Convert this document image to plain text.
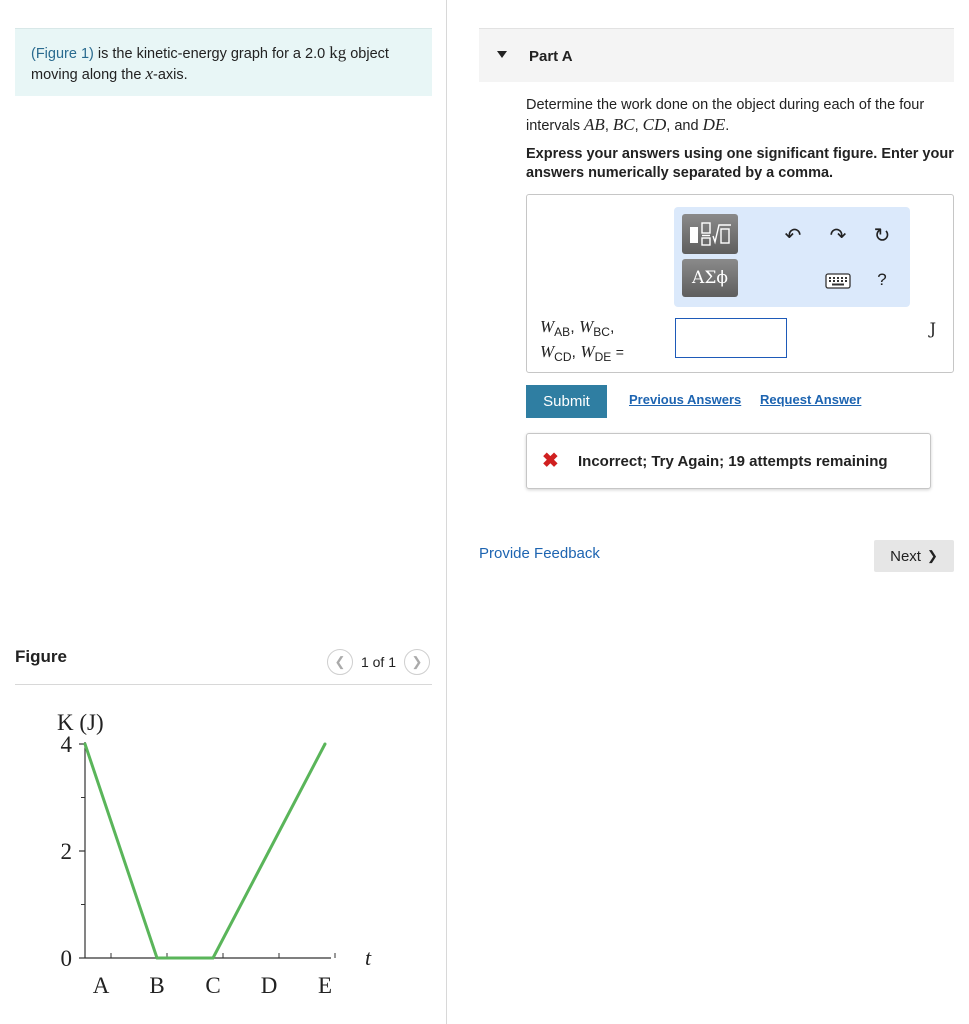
(Figure 1) is the kinetic-energy graph for a 2.0 kg object moving along the x-axis.
Figure	❮	1 of 1	❯
K (J)
t
0
2
4
A B C D E
Part A
Determine the work done on the object during each of the four intervals AB, BC, CD, and DE.
Express your answers using one significant figure. Enter your answers numerically separated by a comma.
ΑΣϕ
↶ ↷ ↻
?
$W_{AB}$, $W_{BC}$,
$W_{CD}$, $W_{DE}$ =
J
Submit	Previous Answers Request Answer
✖ Incorrect; Try Again; 19 attempts remaining
Provide Feedback	Next ❯
